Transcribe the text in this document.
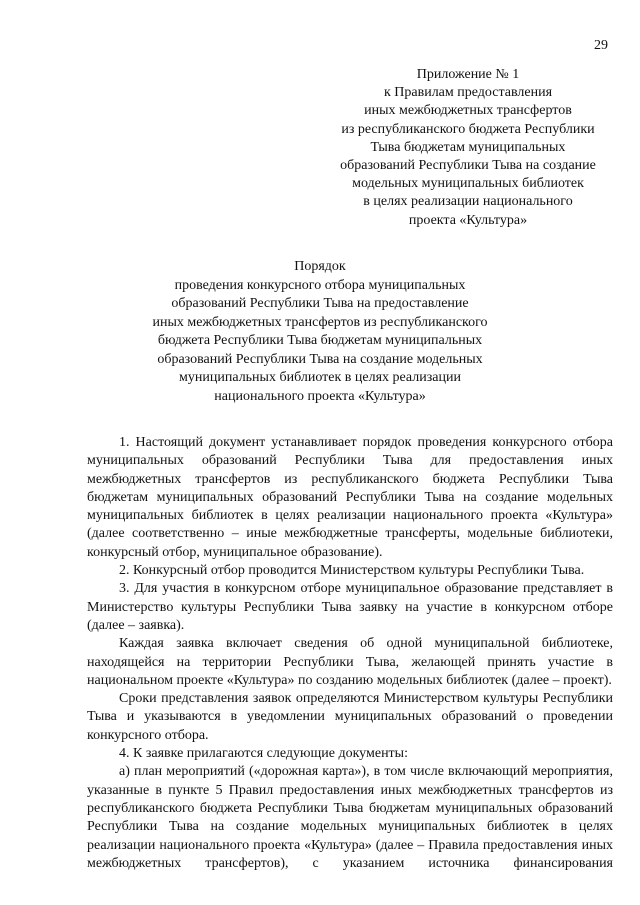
29
Приложение № 1
к Правилам предоставления
иных межбюджетных трансфертов
из республиканского бюджета Республики
Тыва бюджетам муниципальных
образований Республики Тыва на создание
модельных муниципальных библиотек
в целях реализации национального
проекта «Культура»
Порядок
проведения конкурсного отбора муниципальных
образований Республики Тыва на предоставление
иных межбюджетных трансфертов из республиканского
бюджета Республики Тыва бюджетам муниципальных
образований Республики Тыва на создание модельных
муниципальных библиотек в целях реализации
национального проекта «Культура»

1. Настоящий документ устанавливает порядок проведения конкурсного отбора муниципальных образований Республики Тыва для предоставления иных межбюджетных трансфертов из республиканского бюджета Республики Тыва бюджетам муниципальных образований Республики Тыва на создание модельных муниципальных библиотек в целях реализации национального проекта «Культура» (далее соответственно – иные межбюджетные трансферты, модельные библиотеки, конкурсный отбор, муниципальное образование).

2. Конкурсный отбор проводится Министерством культуры Республики Тыва.

3. Для участия в конкурсном отборе муниципальное образование представляет в Министерство культуры Республики Тыва заявку на участие в конкурсном отборе (далее – заявка).

Каждая заявка включает сведения об одной муниципальной библиотеке, находящейся на территории Республики Тыва, желающей принять участие в национальном проекте «Культура» по созданию модельных библиотек (далее – проект).

Сроки представления заявок определяются Министерством культуры Республики Тыва и указываются в уведомлении муниципальных образований о проведении конкурсного отбора.

4. К заявке прилагаются следующие документы:

а) план мероприятий («дорожная карта»), в том числе включающий мероприятия, указанные в пункте 5 Правил предоставления иных межбюджетных трансфертов из республиканского бюджета Республики Тыва бюджетам муниципальных образований Республики Тыва на создание модельных муниципальных библиотек в целях реализации национального проекта «Культура» (далее – Правила предоставления иных межбюджетных трансфертов), с указанием источника финансирования
